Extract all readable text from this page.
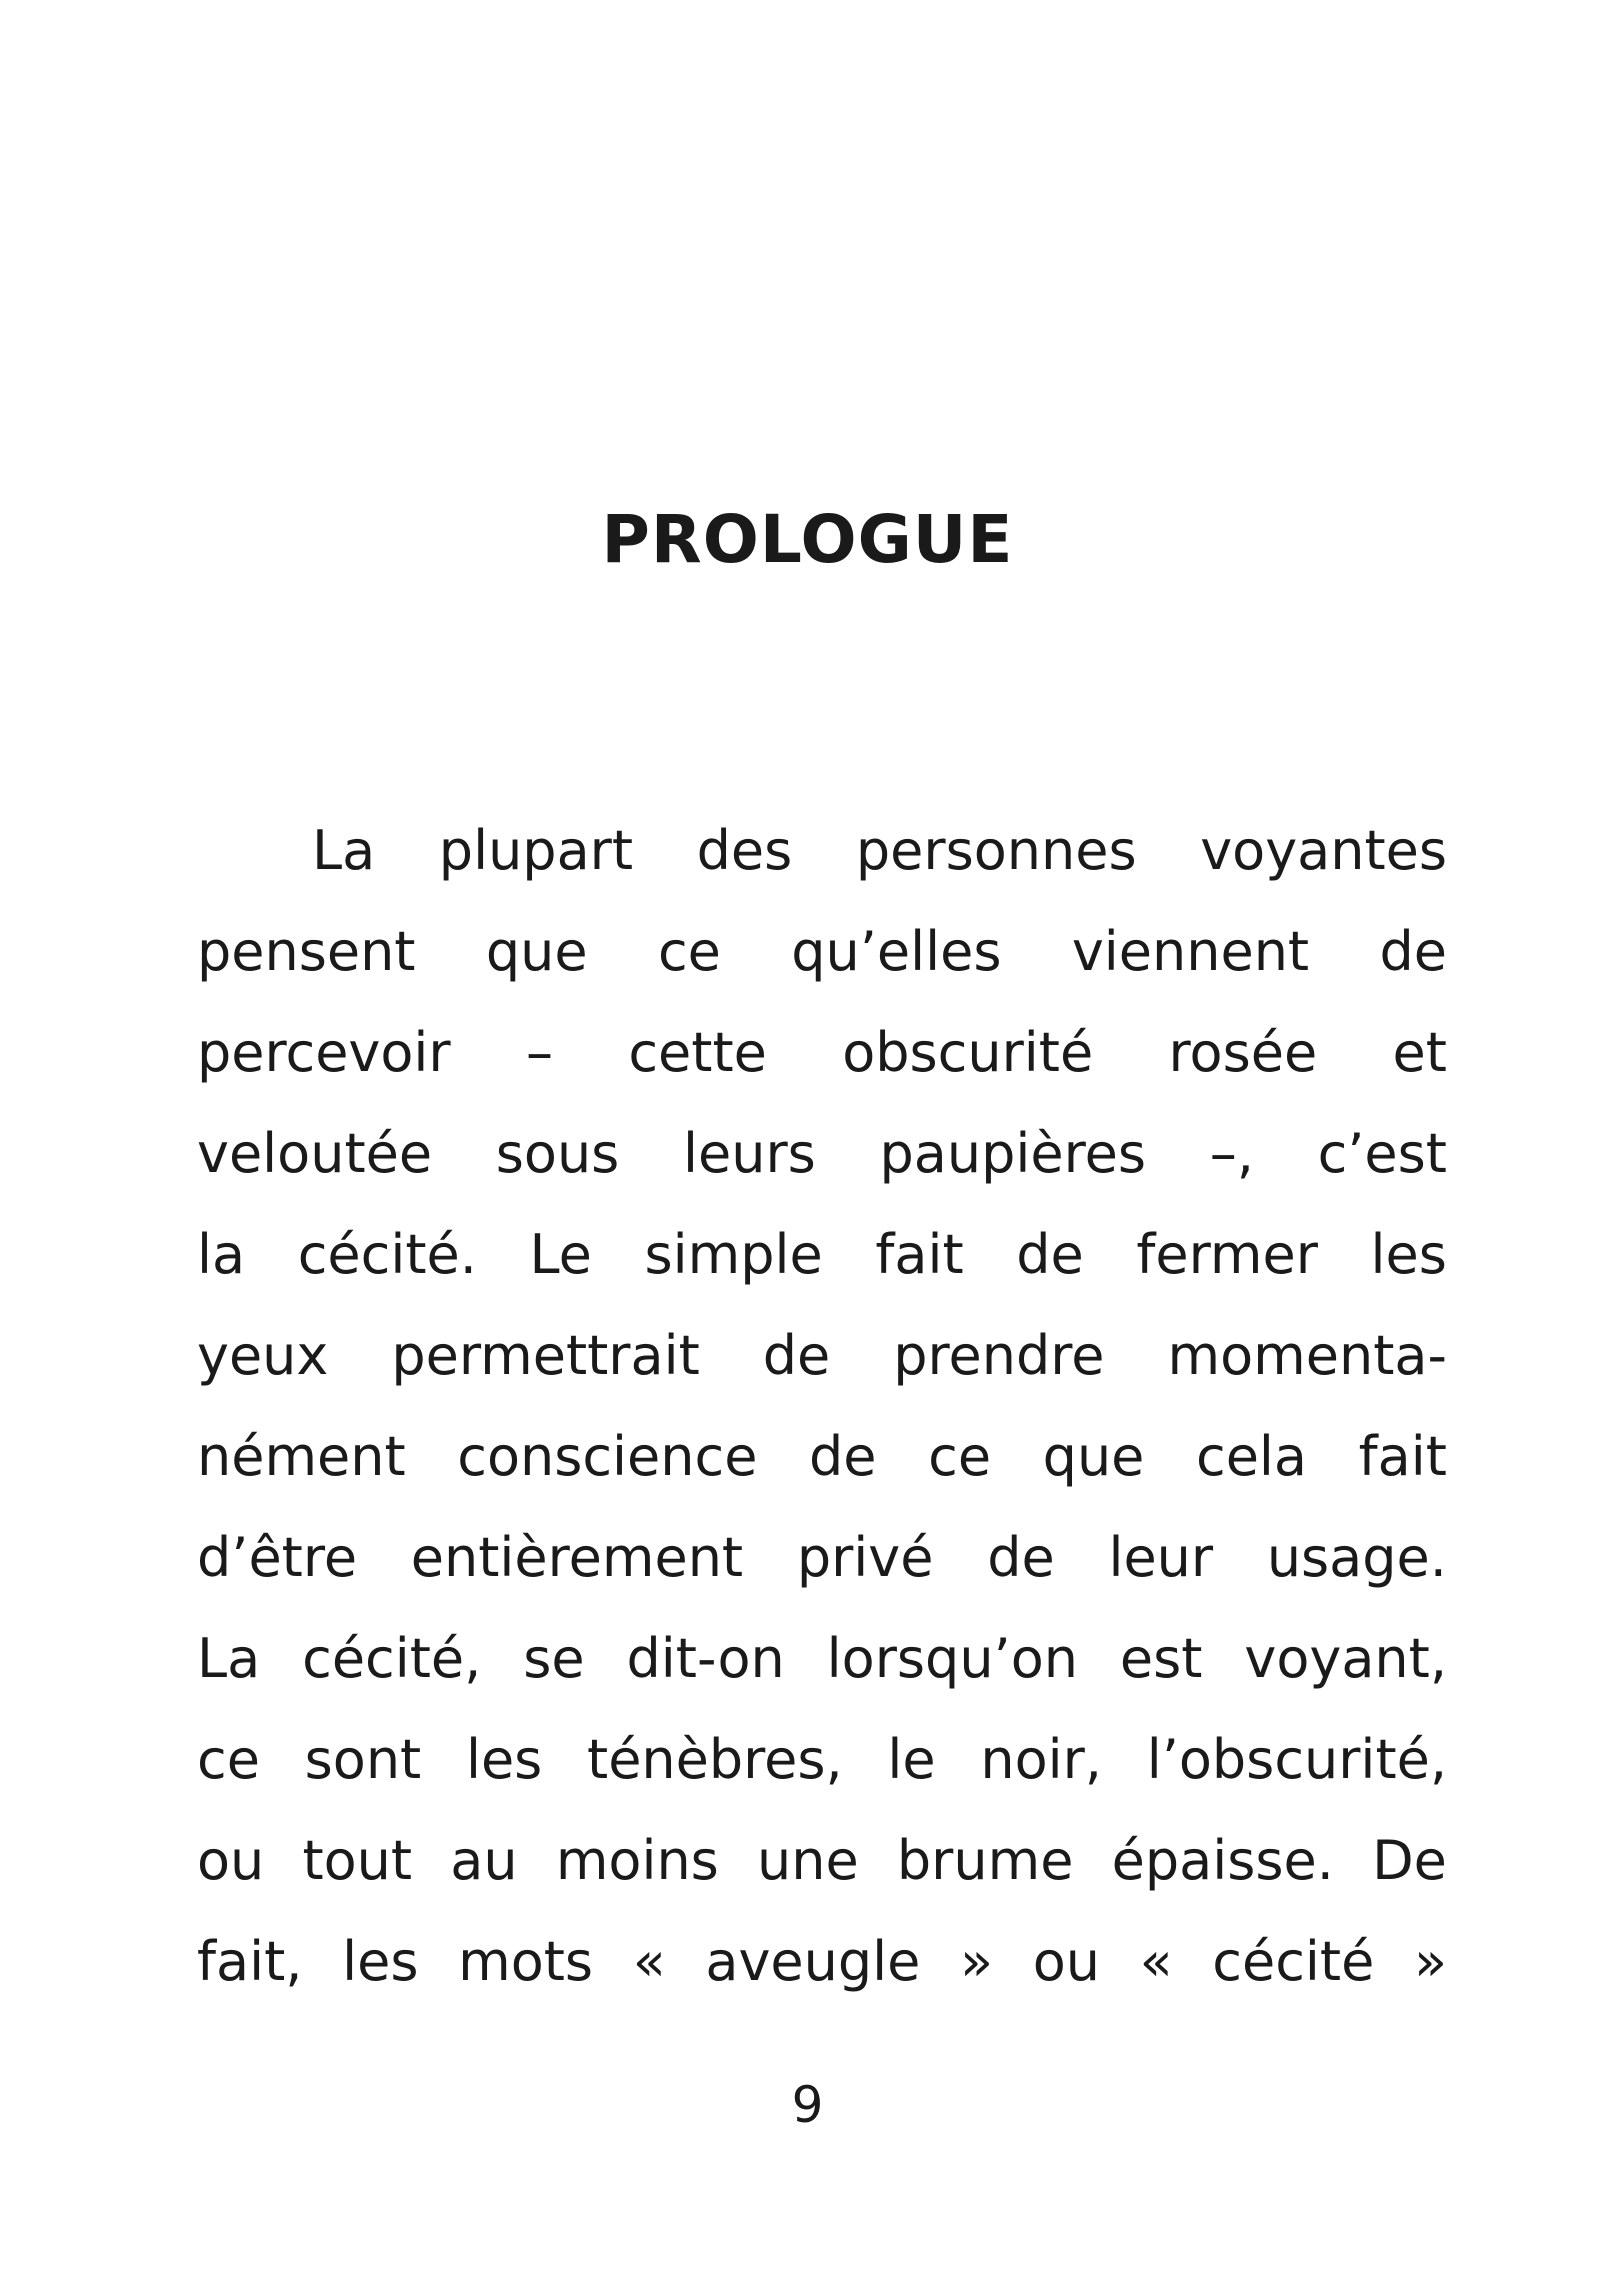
PROLOGUE
La plupart des personnes voyantes
pensent que ce qu’elles viennent de
percevoir – cette obscurité rosée et
veloutée sous leurs paupières –, c’est
la cécité. Le simple fait de fermer les
yeux permettrait de prendre momenta-
nément conscience de ce que cela fait
d’être entièrement privé de leur usage.
La cécité, se dit-on lorsqu’on est voyant,
ce sont les ténèbres, le noir, l’obscurité,
ou tout au moins une brume épaisse. De
fait, les mots « aveugle » ou « cécité »
9
